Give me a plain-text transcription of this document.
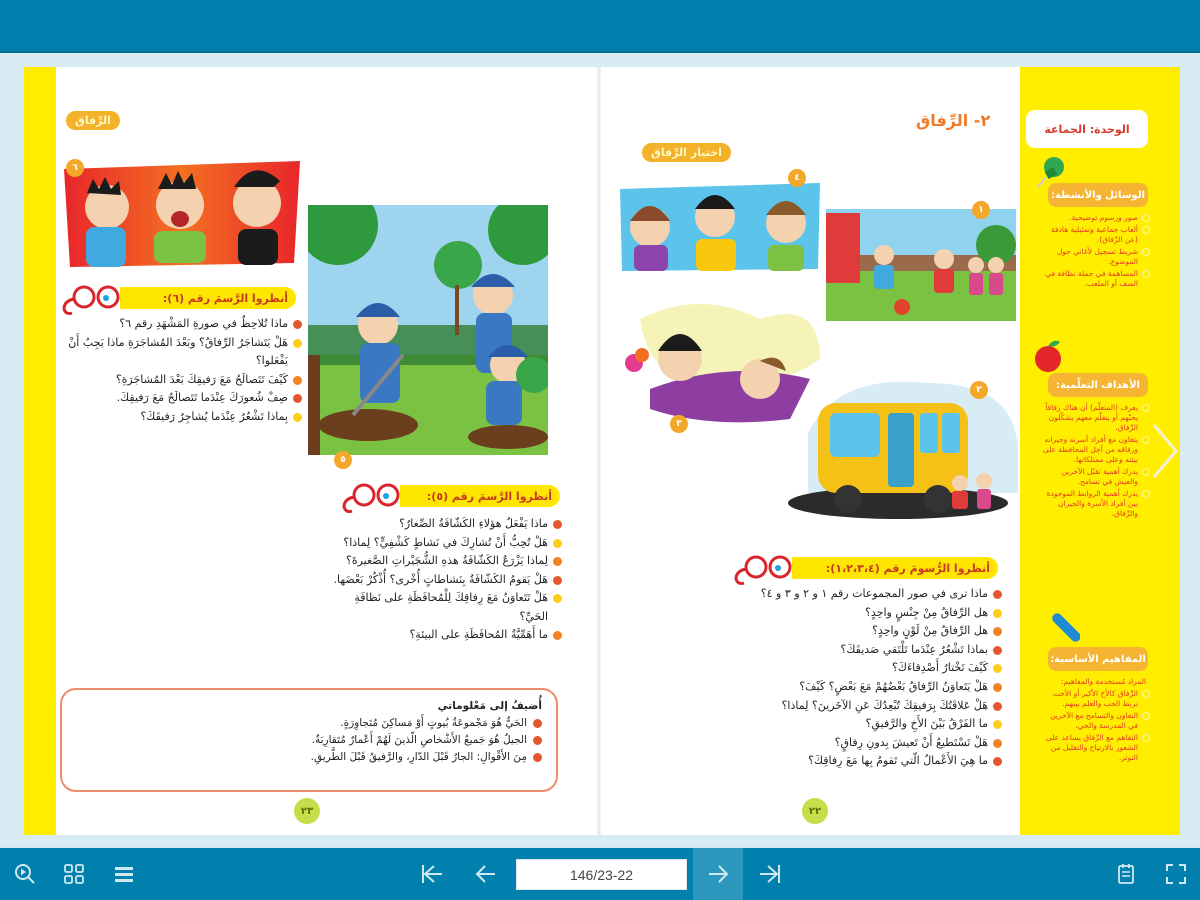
الرِّفاق
٦
٥
أنظروا الرَّسمَ رقم (٦):
ماذا تُلاحِظُ في صورةِ المَشْهَدِ رقم ٦؟
هَلْ يَتَشاجَرُ الرِّفاقُ؟ وبَعْدَ المُشاجَرَةِ ماذا يَجِبُ أَنْ يَفْعَلوا؟
كَيْفَ تَتَصالَحُ مَعَ رَفيقِكَ بَعْدَ المُشاجَرَةِ؟
صِفْ شُعورَكَ عِنْدَما تَتَصالَحُ مَعَ رَفيقِكَ.
بِماذا تَشْعُرُ عِنْدَما يُشاجِرُ رَفيقَكَ؟
أنظروا الرَّسمَ رقم (٥):
ماذا يَفْعَلُ هؤلاءِ الكَشّافَةُ الصِّغارُ؟
هَلْ تُحِبُّ أَنْ تُشارِكَ في نَشاطٍ كَشْفِيٍّ؟ لِماذا؟
لِماذا يَزْرَعُ الكَشّافَةُ هذهِ الشُّجَيْراتِ الصَّغيرةَ؟
هَلْ يَقومُ الكَشّافَةُ بِنَشاطاتٍ أُخْرى؟ أُذْكُرْ بَعْضَها.
هَلْ تَتَعاوَنُ مَعَ رِفاقِكَ لِلْمُحافَظَةِ على نَظافَةِ الحَيِّ؟
ما أَهَمِّيَّةُ المُحافَظَةِ على البيئةِ؟
أُضيفُ إلى مَعْلوماتي
الحَيُّ هُوَ مَجْموعَةُ بُيوتٍ أَوْ مَساكِنَ مُتَجاوِرَةٍ.
الجيلُ هُوَ جَميعُ الأَشْخاصِ الّذينَ لَهُمْ أَعْمارٌ مُتَقارِبَةٌ.
مِنَ الأَقْوالِ: الجارُ قَبْلَ الدّارِ، والرَّفيقُ قَبْلَ الطَّريقِ.
٢٣
٢- الرِّفاق
اختيار الرِّفاق
٤
١
٣
٢
أنظروا الرُّسومَ رقم (١،٢،٣،٤):
ماذا ترى في صور المجموعات رقم ١ و ٢ و ٣ و ٤؟
هل الرِّفاقُ مِنْ جِنْسٍ واحِدٍ؟
هل الرِّفاقُ مِنْ لَوْنٍ واحِدٍ؟
بماذا تَشْعُرُ عِنْدَما تَلْتَقي صَديقَكَ؟
كَيْفَ تَخْتارُ أَصْدِقاءَكَ؟
هَلْ يَتَعاوَنُ الرِّفاقُ بَعْضُهُمْ مَعَ بَعْضٍ؟ كَيْفَ؟
هَلْ عَلاقَتُكَ بِرَفيقِكَ تُبْعِدُكَ عَنِ الآخَرينَ؟ لِماذا؟
ما الفَرْقُ بَيْنَ الأَخِ والرَّفيقِ؟
هَلْ تَسْتَطيعُ أَنْ تَعيشَ بِدونِ رِفاقٍ؟
ما هِيَ الأَعْمالُ الّتي تَقومُ بِها مَعَ رِفاقِكَ؟
٢٢
الوحدة: الجماعة
الوسائل والأنشطة:
صور ورسوم توضيحية.
ألعاب جماعية وتمثيلية هادفة (عن الرِّفاق).
شريط تسجيل لأغاني حول الموضوع.
المساهمة في حملة نظافة في الصف أو الملعب.
الأهداف التعلّمية:
يعرف (المتعلّم) أن هناك رفاقاً يحبّهم أو يتعلّم معهم يشكّلون الرِّفاق.
يتعاون مع أفراد أسرته وجيرانه ورفاقه من أجل المحافظة على بيئته وعلى ممتلكاتها.
يدرك أهمية تقبّل الآخرين والعيش في تسامح.
يدرك أهمية الروابط الموجودة بين أفراد الأسرة والجيران والرِّفاق.
المفاهيم الأساسية:
المراد مُستخدمة والمفاهيم:
الرِّفاق كالأخ الأكبر أو الأخت تربط الحب والعلم بينهم.
التعاون والتسامح مع الآخرين في المدرسة والحي.
التفاهم مع الرِّفاق يساعد على الشعور بالارتياح والتقليل من التوتر.
146/23-22
